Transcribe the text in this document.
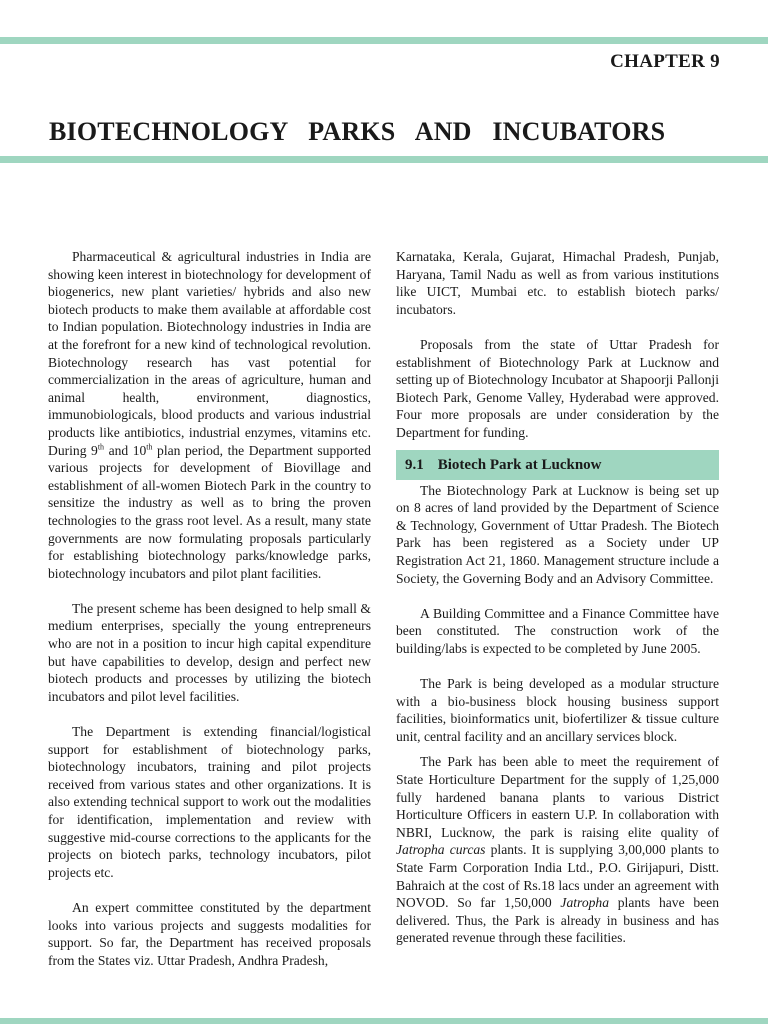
CHAPTER 9
BIOTECHNOLOGY PARKS AND INCUBATORS

Pharmaceutical & agricultural industries in India are showing keen interest in biotechnology for development of biogenerics, new plant varieties/ hybrids and also new biotech products to make them available at affordable cost to Indian population. Biotechnology industries in India are at the forefront for a new kind of technological revolution. Biotechnology research has vast potential for commercialization in the areas of agriculture, human and animal health, environment, diagnostics, immunobiologicals, blood products and various industrial products like antibiotics, industrial enzymes, vitamins etc. During 9th and 10th plan period, the Department supported various projects for development of Biovillage and establishment of all-women Biotech Park in the country to sensitize the industry as well as to bring the proven technologies to the grass root level. As a result, many state governments are now formulating proposals particularly for establishing biotechnology parks/knowledge parks, biotechnology incubators and pilot plant facilities.

The present scheme has been designed to help small & medium enterprises, specially the young entrepreneurs who are not in a position to incur high capital expenditure but have capabilities to develop, design and perfect new biotech products and processes by utilizing the biotech incubators and pilot level facilities.

The Department is extending financial/logistical support for establishment of biotechnology parks, biotechnology incubators, training and pilot projects received from various states and other organizations. It is also extending technical support to work out the modalities for identification, implementation and review with suggestive mid-course corrections to the applicants for the projects on biotech parks, technology incubators, pilot projects etc.

An expert committee constituted by the department looks into various projects and suggests modalities for support. So far, the Department has received proposals from the States viz. Uttar Pradesh, Andhra Pradesh,

Karnataka, Kerala, Gujarat, Himachal Pradesh, Punjab, Haryana, Tamil Nadu as well as from various institutions like UICT, Mumbai etc. to establish biotech parks/ incubators.

Proposals from the state of Uttar Pradesh for establishment of Biotechnology Park at Lucknow and setting up of Biotechnology Incubator at Shapoorji Pallonji Biotech Park, Genome Valley, Hyderabad were approved. Four more proposals are under consideration by the Department for funding.

9.1 Biotech Park at Lucknow

The Biotechnology Park at Lucknow is being set up on 8 acres of land provided by the Department of Science & Technology, Government of Uttar Pradesh. The Biotech Park has been registered as a Society under UP Registration Act 21, 1860. Management structure include a Society, the Governing Body and an Advisory Committee.

A Building Committee and a Finance Committee have been constituted. The construction work of the building/labs is expected to be completed by June 2005.

The Park is being developed as a modular structure with a bio-business block housing business support facilities, bioinformatics unit, biofertilizer & tissue culture unit, central facility and an ancillary services block.

The Park has been able to meet the requirement of State Horticulture Department for the supply of 1,25,000 fully hardened banana plants to various District Horticulture Officers in eastern U.P. In collaboration with NBRI, Lucknow, the park is raising elite quality of Jatropha curcas plants. It is supplying 3,00,000 plants to State Farm Corporation India Ltd., P.O. Girijapuri, Distt. Bahraich at the cost of Rs.18 lacs under an agreement with NOVOD. So far 1,50,000 Jatropha plants have been delivered. Thus, the Park is already in business and has generated revenue through these facilities.
